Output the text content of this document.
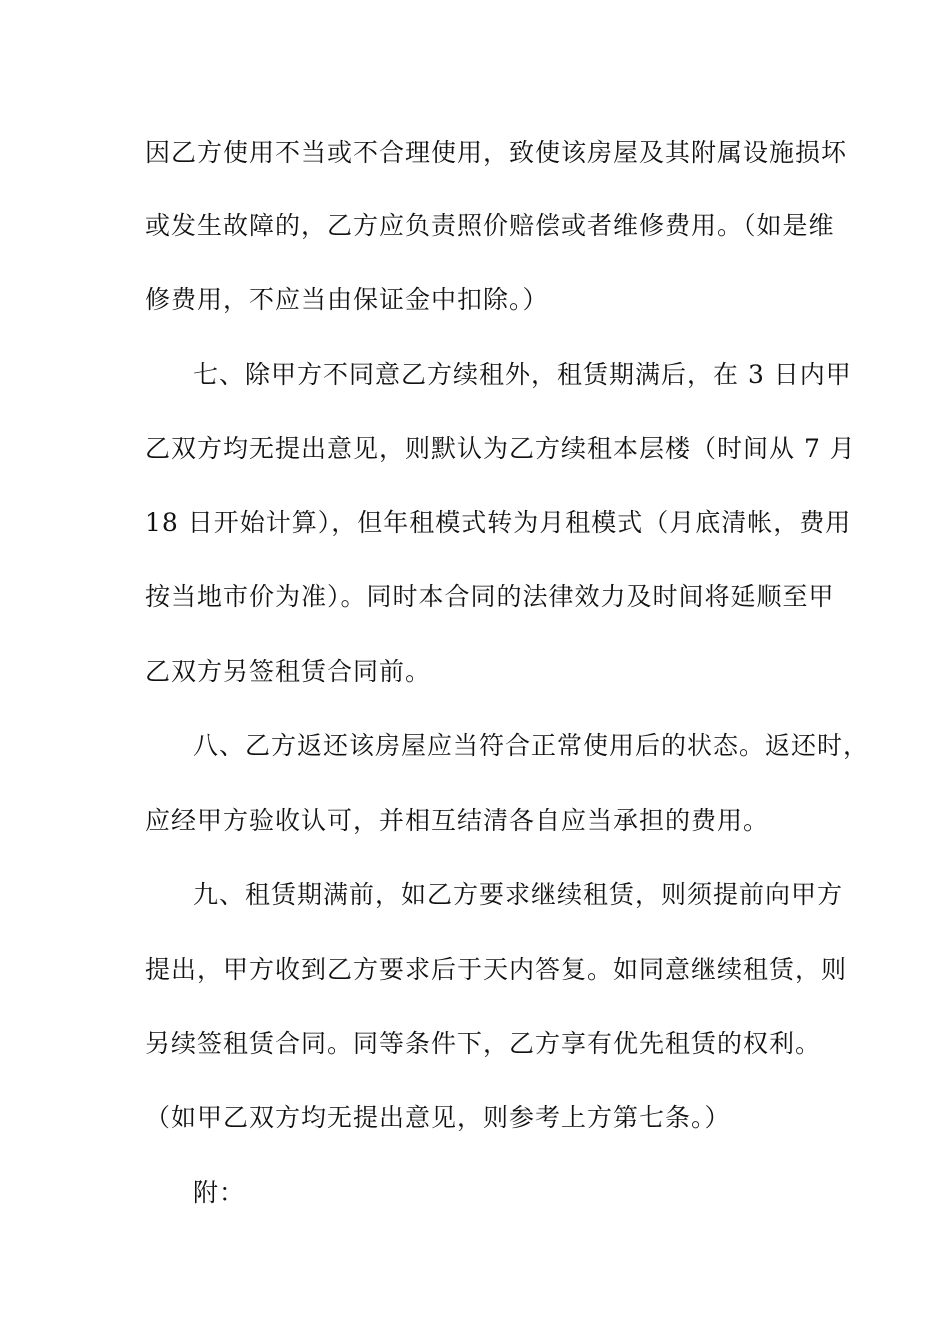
因乙方使用不当或不合理使用，致使该房屋及其附属设施损坏
或发生故障的，乙方应负责照价赔偿或者维修费用。（如是维
修费用，不应当由保证金中扣除。）
七、除甲方不同意乙方续租外，租赁期满后，在 3 日内甲
乙双方均无提出意见，则默认为乙方续租本层楼（时间从 7 月
18 日开始计算），但年租模式转为月租模式（月底清帐，费用
按当地市价为准）。同时本合同的法律效力及时间将延顺至甲
乙双方另签租赁合同前。
八、乙方返还该房屋应当符合正常使用后的状态。返还时，
应经甲方验收认可，并相互结清各自应当承担的费用。
九、租赁期满前，如乙方要求继续租赁，则须提前向甲方
提出，甲方收到乙方要求后于天内答复。如同意继续租赁，则
另续签租赁合同。同等条件下，乙方享有优先租赁的权利。
（如甲乙双方均无提出意见，则参考上方第七条。）
附：
